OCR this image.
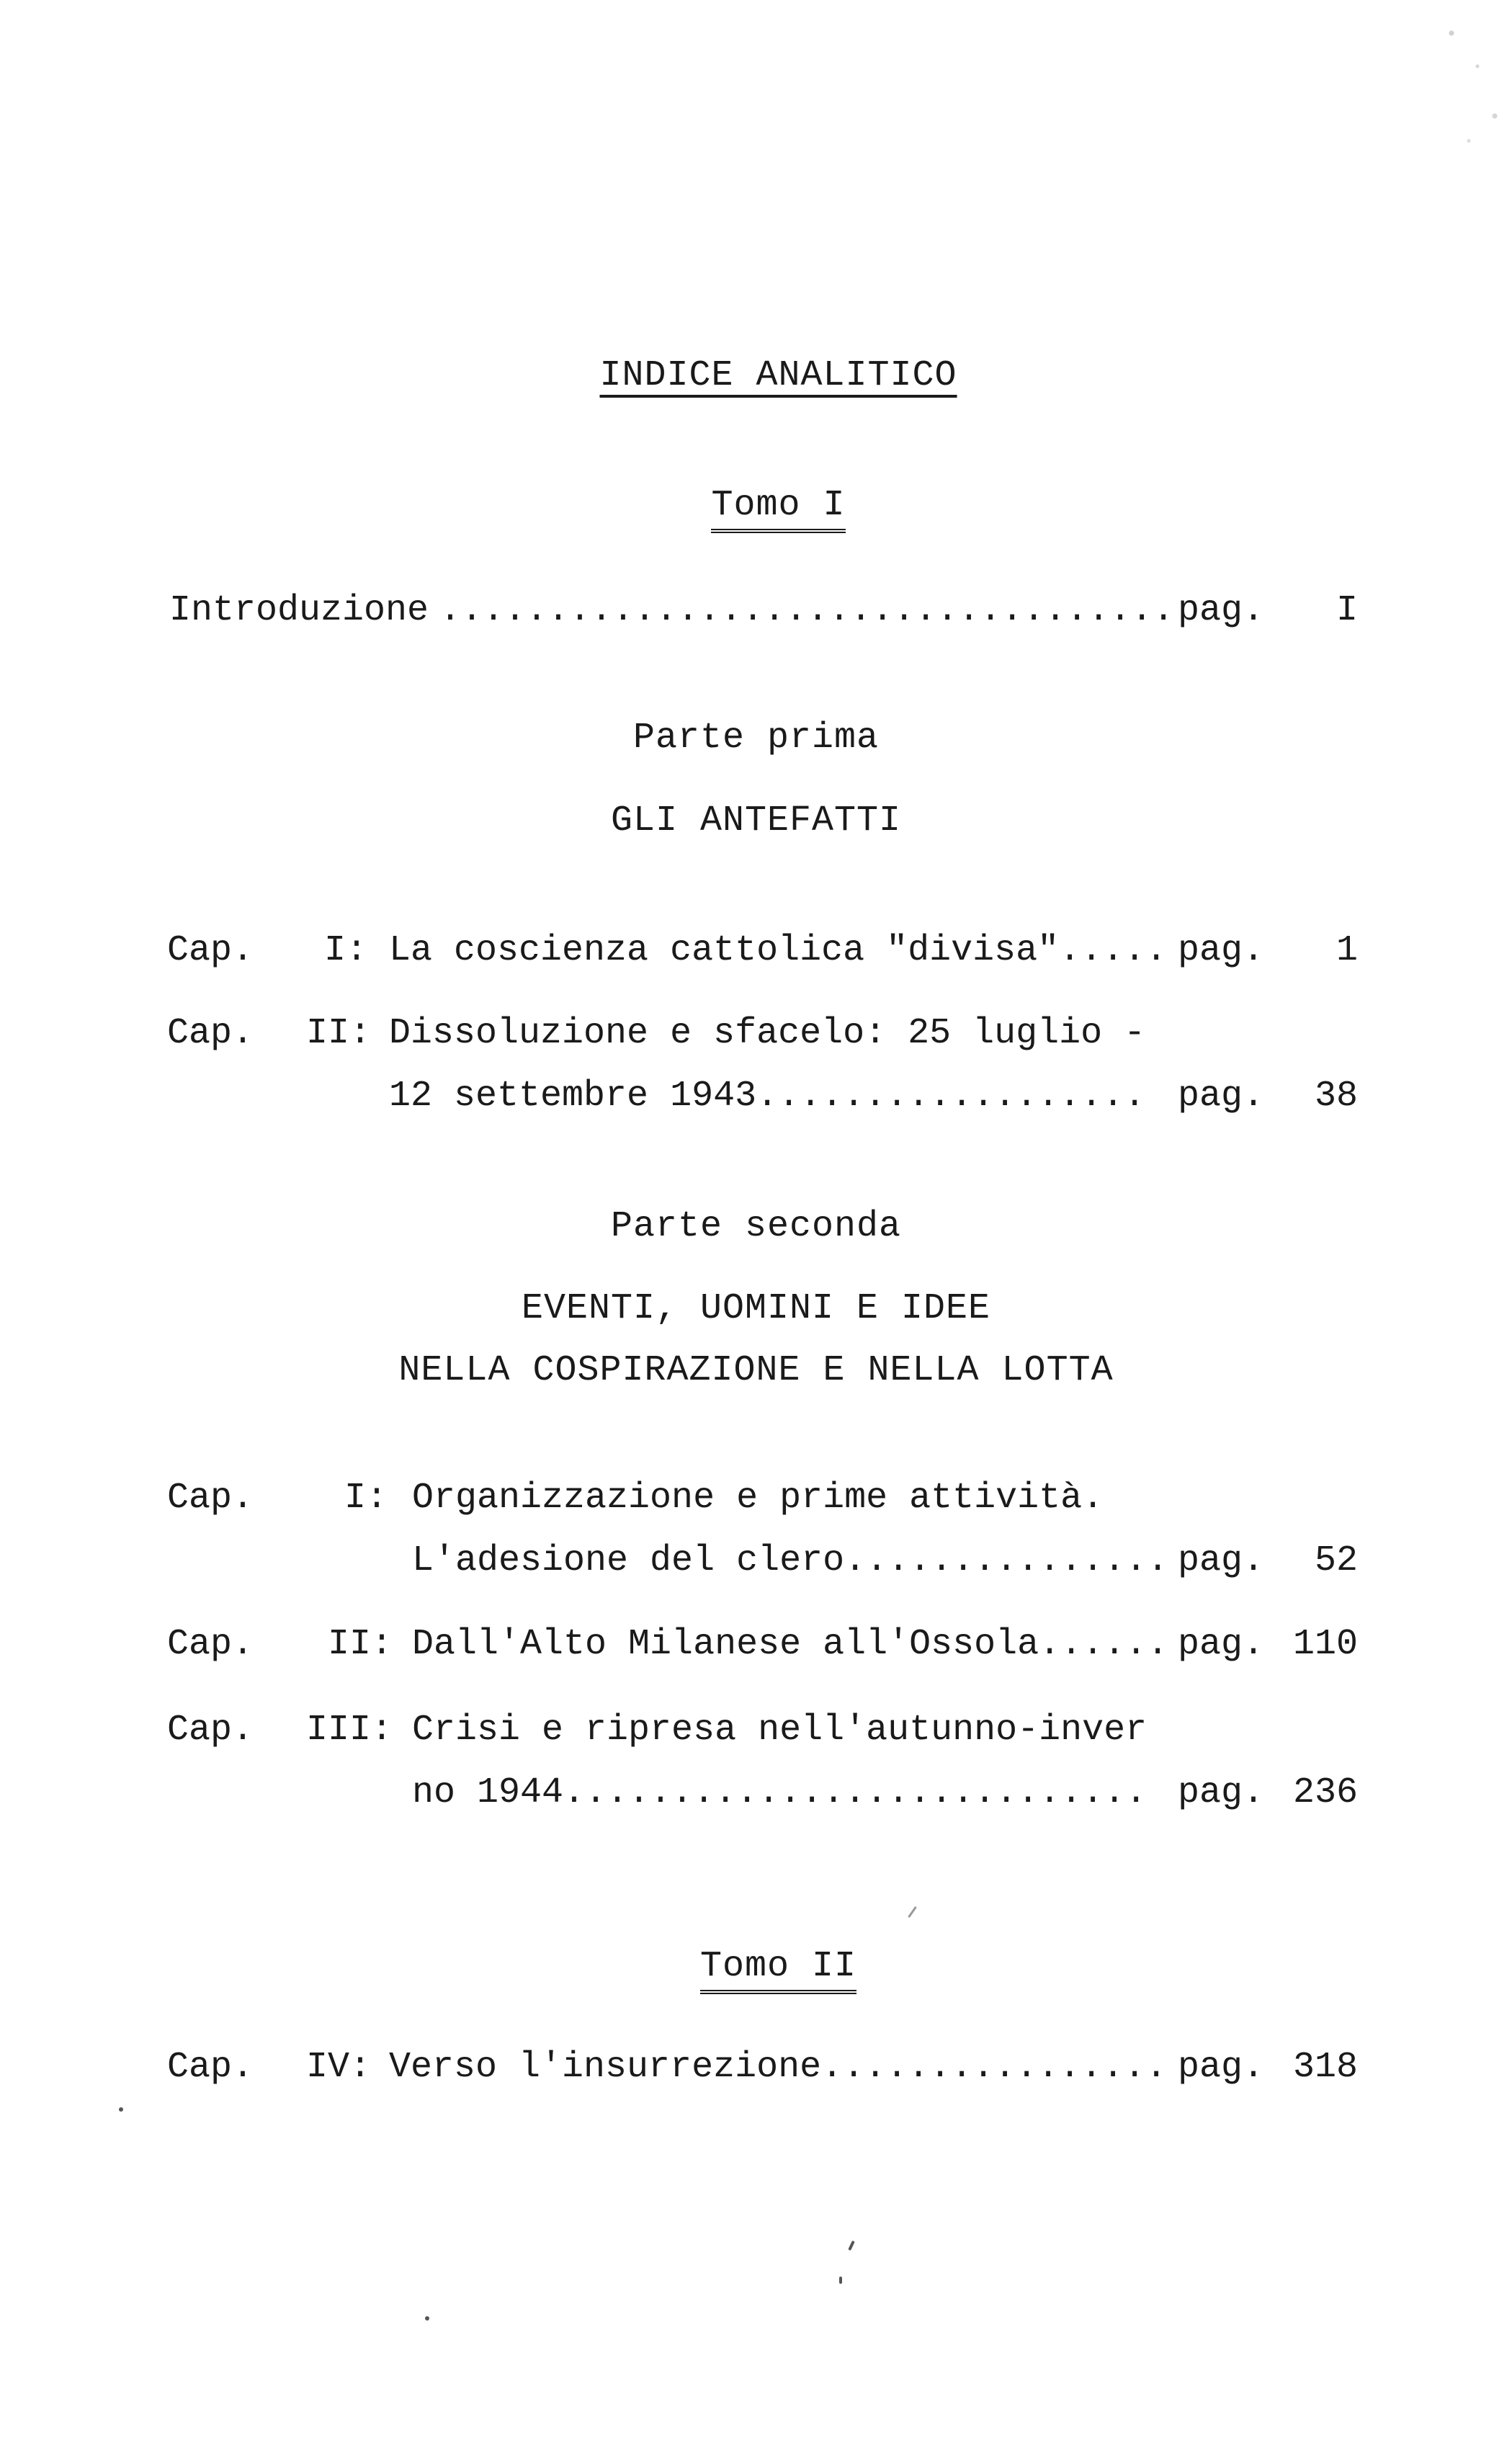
INDICE ANALITICO

Tomo I

Introduzione .................................. pag. I
Parte prima
GLI ANTEFATTI
Cap. I: La coscienza cattolica "divisa"..... pag. 1
Cap. II: Dissoluzione e sfacelo: 25 luglio -
12 settembre 1943.................. pag. 38
Parte seconda
EVENTI, UOMINI E IDEE
NELLA COSPIRAZIONE E NELLA LOTTA
Cap.	I: Organizzazione e prime attività.
L'adesione del clero............... pag. 52
Cap. II: Dall'Alto Milanese all'Ossola...... pag. 110
Cap. III: Crisi e ripresa nell'autunno-inver
no 1944........................... pag. 236

Tomo II

Cap. IV: Verso l'insurrezione................ pag. 318
